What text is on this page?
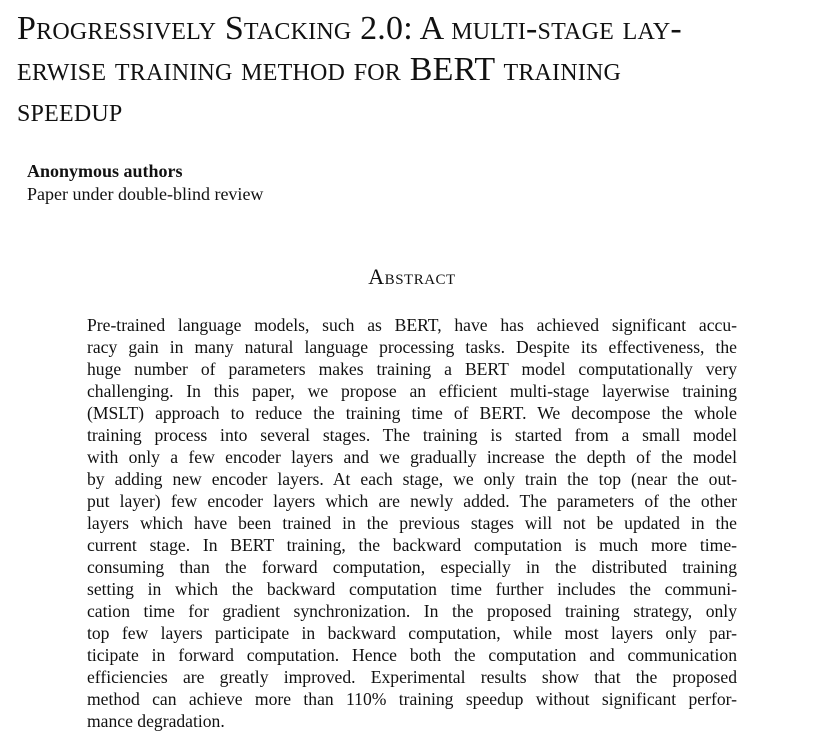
Progressively Stacking 2.0: A multi-stage lay-
erwise training method for BERT training
speedup

Anonymous authors

Paper under double-blind review

Abstract
Pre-trained language models, such as BERT, have has achieved significant accu-
racy gain in many natural language processing tasks. Despite its effectiveness, the
huge number of parameters makes training a BERT model computationally very
challenging. In this paper, we propose an efficient multi-stage layerwise training
(MSLT) approach to reduce the training time of BERT. We decompose the whole
training process into several stages. The training is started from a small model
with only a few encoder layers and we gradually increase the depth of the model
by adding new encoder layers. At each stage, we only train the top (near the out-
put layer) few encoder layers which are newly added. The parameters of the other
layers which have been trained in the previous stages will not be updated in the
current stage. In BERT training, the backward computation is much more time-
consuming than the forward computation, especially in the distributed training
setting in which the backward computation time further includes the communi-
cation time for gradient synchronization. In the proposed training strategy, only
top few layers participate in backward computation, while most layers only par-
ticipate in forward computation. Hence both the computation and communication
efficiencies are greatly improved. Experimental results show that the proposed
method can achieve more than 110% training speedup without significant perfor-
mance degradation.
